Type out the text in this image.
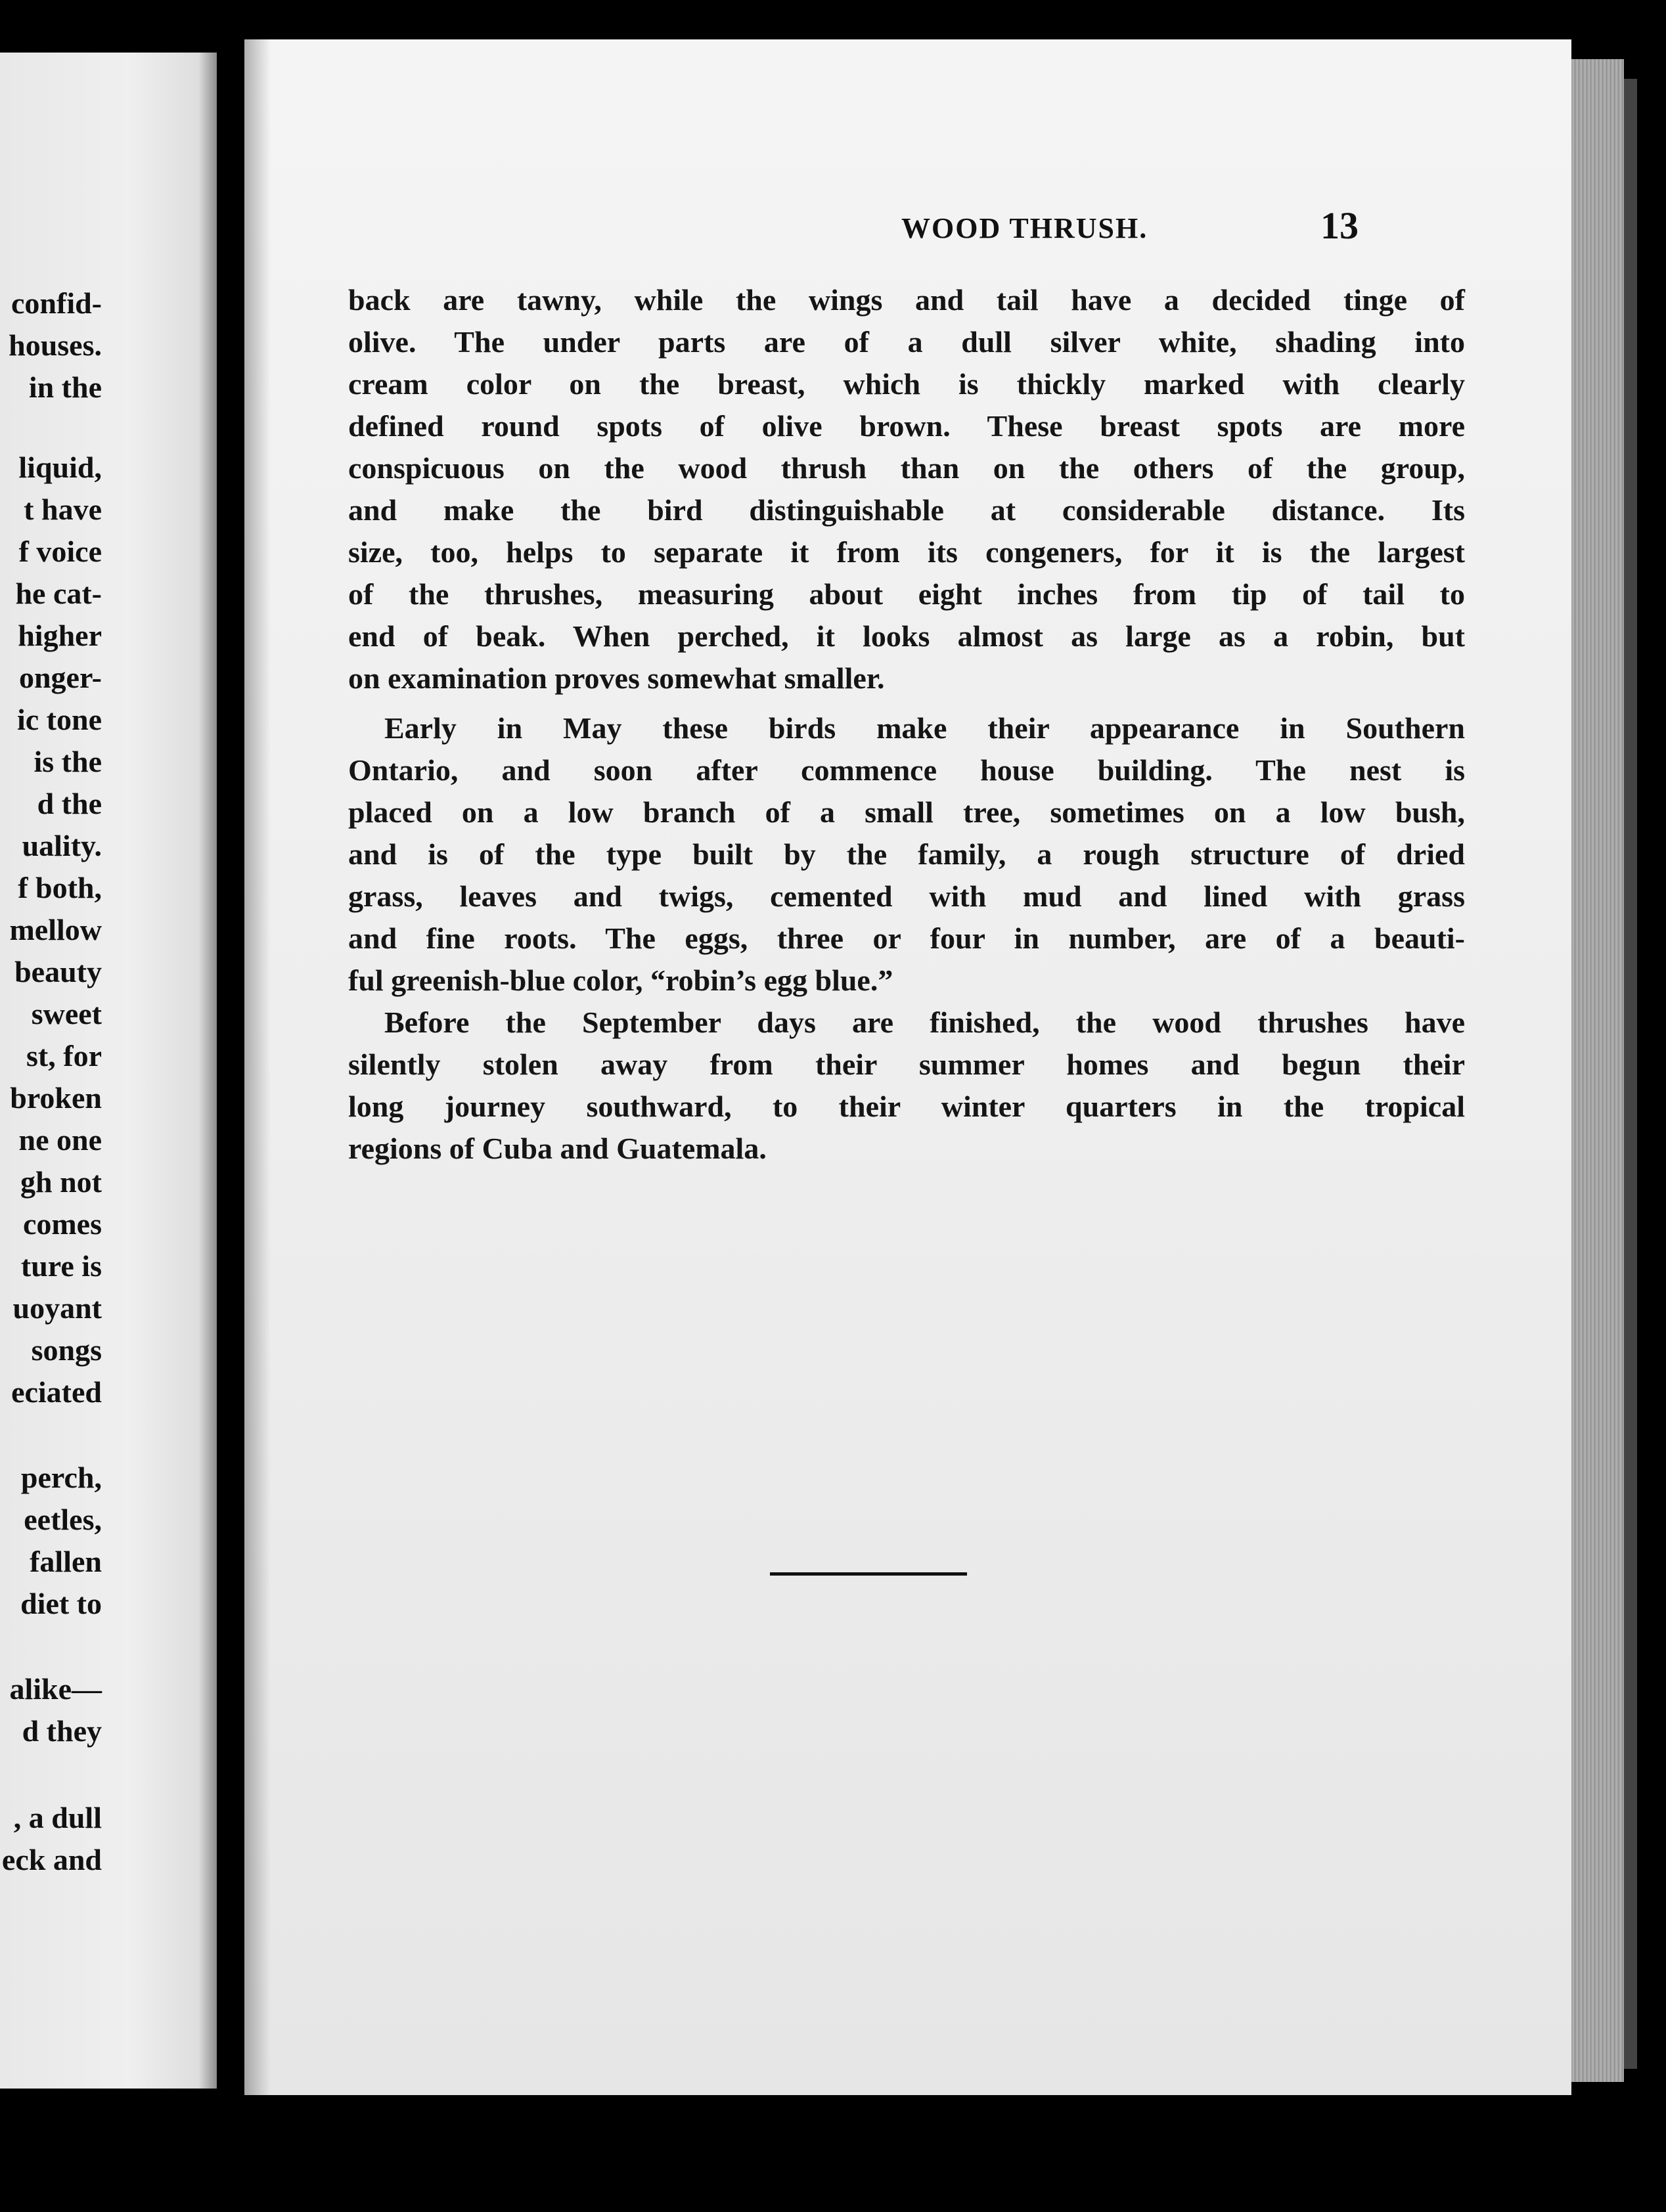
confid-
houses.
in the
liquid,
t have
f voice
he cat-
higher
onger-
ic tone
is the
d the
uality.
f both,
mellow
beauty
sweet
st, for
broken
ne one
gh not
comes
ture is
uoyant
songs
eciated
perch,
eetles,
fallen
diet to
alike—
d they
, a dull
eck and
WOOD THRUSH.	13
back are tawny, while the wings and tail have a decided tinge of
olive. The under parts are of a dull silver white, shading into
cream color on the breast, which is thickly marked with clearly
defined round spots of olive brown. These breast spots are more
conspicuous on the wood thrush than on the others of the group,
and make the bird distinguishable at considerable distance. Its
size, too, helps to separate it from its congeners, for it is the largest
of the thrushes, measuring about eight inches from tip of tail to
end of beak. When perched, it looks almost as large as a robin, but
on examination proves somewhat smaller.
Early in May these birds make their appearance in Southern
Ontario, and soon after commence house building. The nest is
placed on a low branch of a small tree, sometimes on a low bush,
and is of the type built by the family, a rough structure of dried
grass, leaves and twigs, cemented with mud and lined with grass
and fine roots. The eggs, three or four in number, are of a beauti-
ful greenish-blue color, “robin’s egg blue.”
Before the September days are finished, the wood thrushes have
silently stolen away from their summer homes and begun their
long journey southward, to their winter quarters in the tropical
regions of Cuba and Guatemala.
